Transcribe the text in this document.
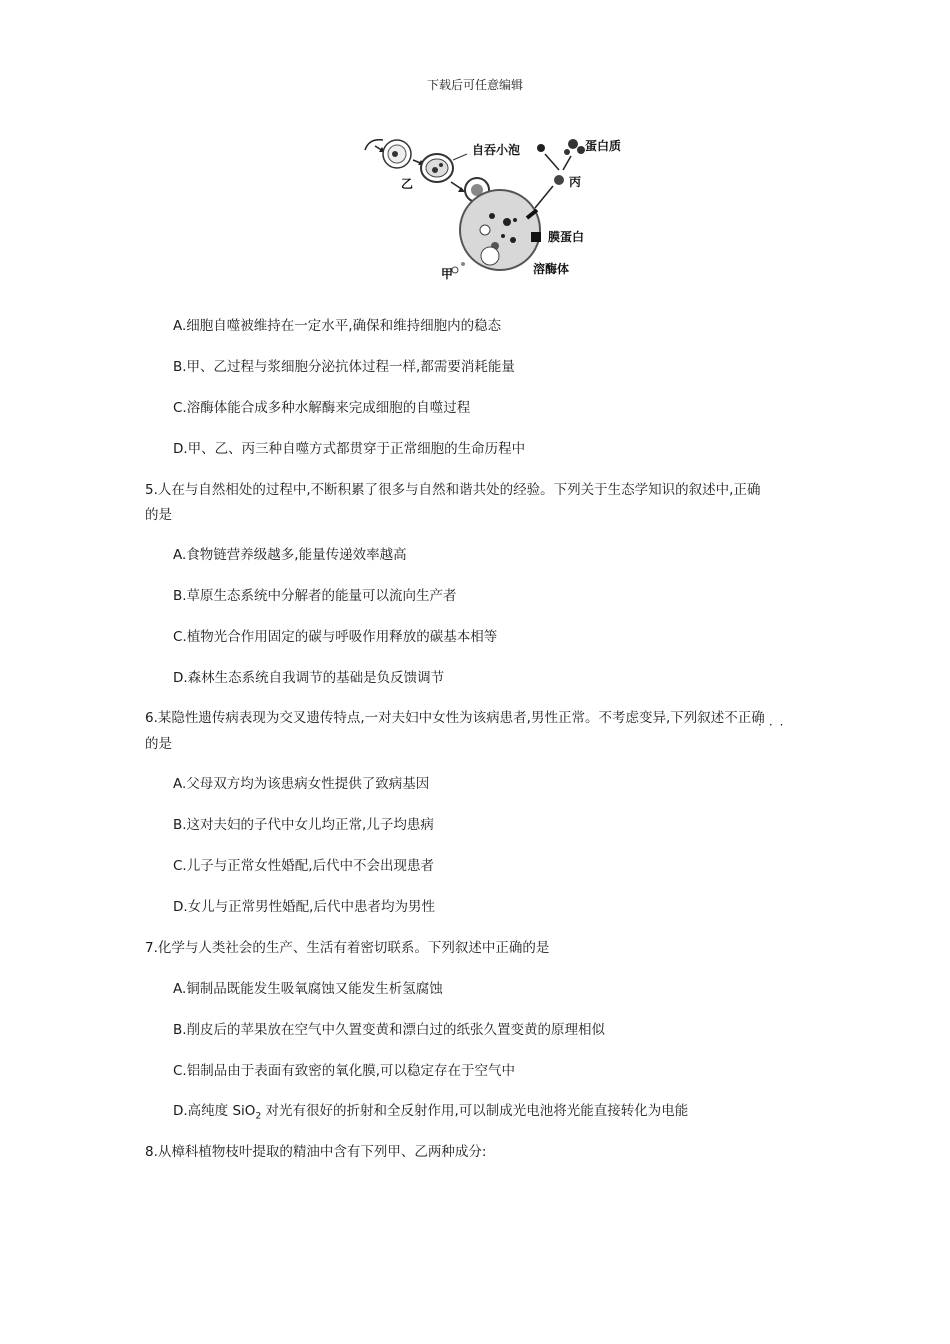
下载后可任意编辑
自吞小泡	蛋白质
丙
乙
膜蛋白
甲	溶酶体
A.细胞自噬被维持在一定水平,确保和维持细胞内的稳态
B.甲、乙过程与浆细胞分泌抗体过程一样,都需要消耗能量
C.溶酶体能合成多种水解酶来完成细胞的自噬过程
D.甲、乙、丙三种自噬方式都贯穿于正常细胞的生命历程中
5.人在与自然相处的过程中,不断积累了很多与自然和谐共处的经验。下列关于生态学知识的叙述中,正确
的是
A.食物链营养级越多,能量传递效率越高
B.草原生态系统中分解者的能量可以流向生产者
C.植物光合作用固定的碳与呼吸作用释放的碳基本相等
D.森林生态系统自我调节的基础是负反馈调节
6.某隐性遗传病表现为交叉遗传特点,一对夫妇中女性为该病患者,男性正常。不考虑变异,下列叙述不正确
···
的是
A.父母双方均为该患病女性提供了致病基因
B.这对夫妇的子代中女儿均正常,儿子均患病
C.儿子与正常女性婚配,后代中不会出现患者
D.女儿与正常男性婚配,后代中患者均为男性
7.化学与人类社会的生产、生活有着密切联系。下列叙述中正确的是
A.铜制品既能发生吸氧腐蚀又能发生析氢腐蚀
B.削皮后的苹果放在空气中久置变黄和漂白过的纸张久置变黄的原理相似
C.铝制品由于表面有致密的氧化膜,可以稳定存在于空气中
D.高纯度 SiO$_2$ 对光有很好的折射和全反射作用,可以制成光电池将光能直接转化为电能
8.从樟科植物枝叶提取的精油中含有下列甲、乙两种成分:
